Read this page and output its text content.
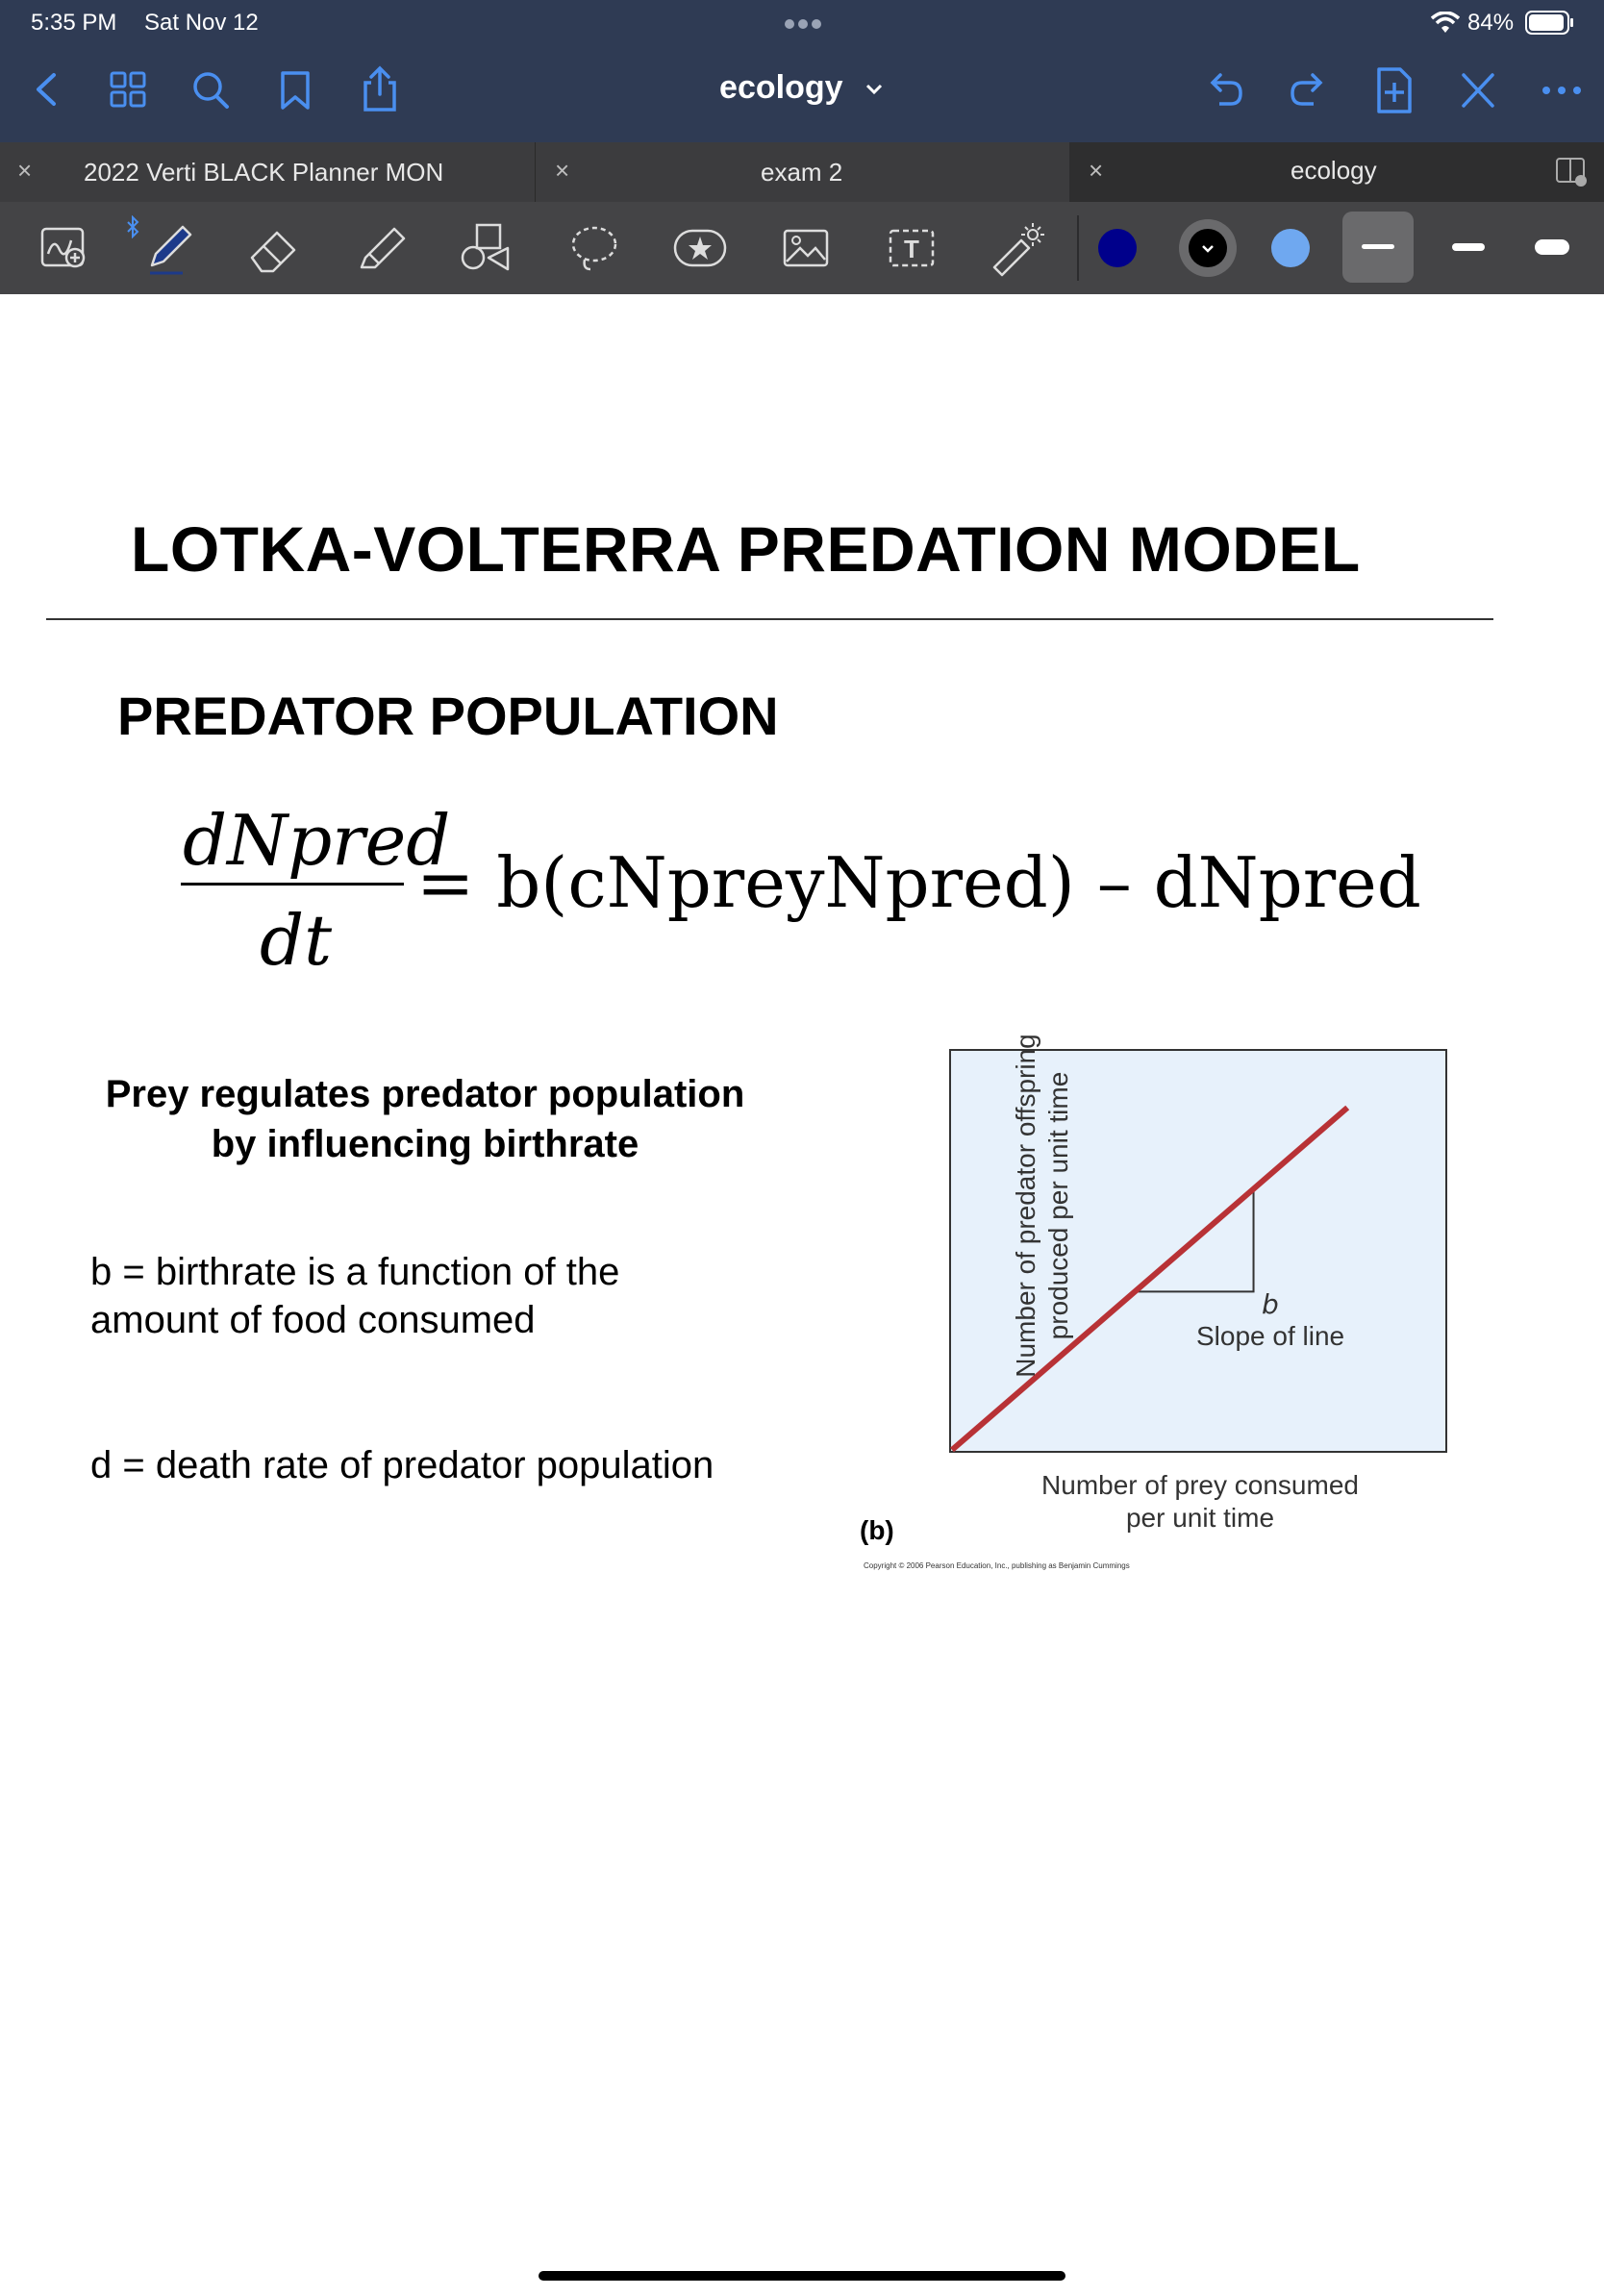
5:35 PM Sat Nov 12	84%
ecology
× 2022 Verti BLACK Planner MON	×	exam 2	×	ecology
T
LOTKA-VOLTERRA PREDATION MODEL
PREDATOR POPULATION
dNpred
dt
= b(cNpreyNpred) – dNpred
Prey regulates predator population
by influencing birthrate
b = birthrate is a function of the
amount of food consumed
d = death rate of predator population
Number of predator offspring produced per unit time
Number of prey consumed
per unit time
b
Slope of line
(b)
Copyright © 2006 Pearson Education, Inc., publishing as Benjamin Cummings
